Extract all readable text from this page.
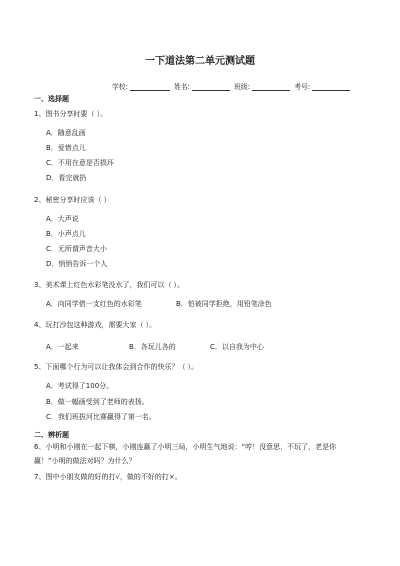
一下道法第二单元测试题
学校:	姓名:	班级:	考号:
一、选择题
1、图书分享时要（ ）。
A．随意乱画
B．爱惜点儿
C．不用在意是否损坏
D．看完就扔
2、秘密分享时应该（ ）
A．大声说
B．小声点儿
C．无所谓声音大小
D．悄悄告诉一个人
3、美术课上红色水彩笔没水了，我们可以（ ）。
A．向同学借一支红色的水彩笔	B．怕被同学拒绝，用铅笔涂色
4、玩打沙包这种游戏，需要大家（ ）。
A．一起来	B．各玩儿各的	C．以自我为中心
5、下面哪个行为可以让我体会到合作的快乐？（ ）。
A．考试得了100分。
B．做一幅画受到了老师的表扬。
C．我们班拔河比赛赢得了第一名。
二、辨析题
6、小明和小刚在一起下棋，小刚连赢了小明三局，小明生气地说：“哼！没意思，不玩了，老是你
赢！”小明的做法对吗？为什么？
7、图中小朋友做的好的打√，做的不好的打×。
